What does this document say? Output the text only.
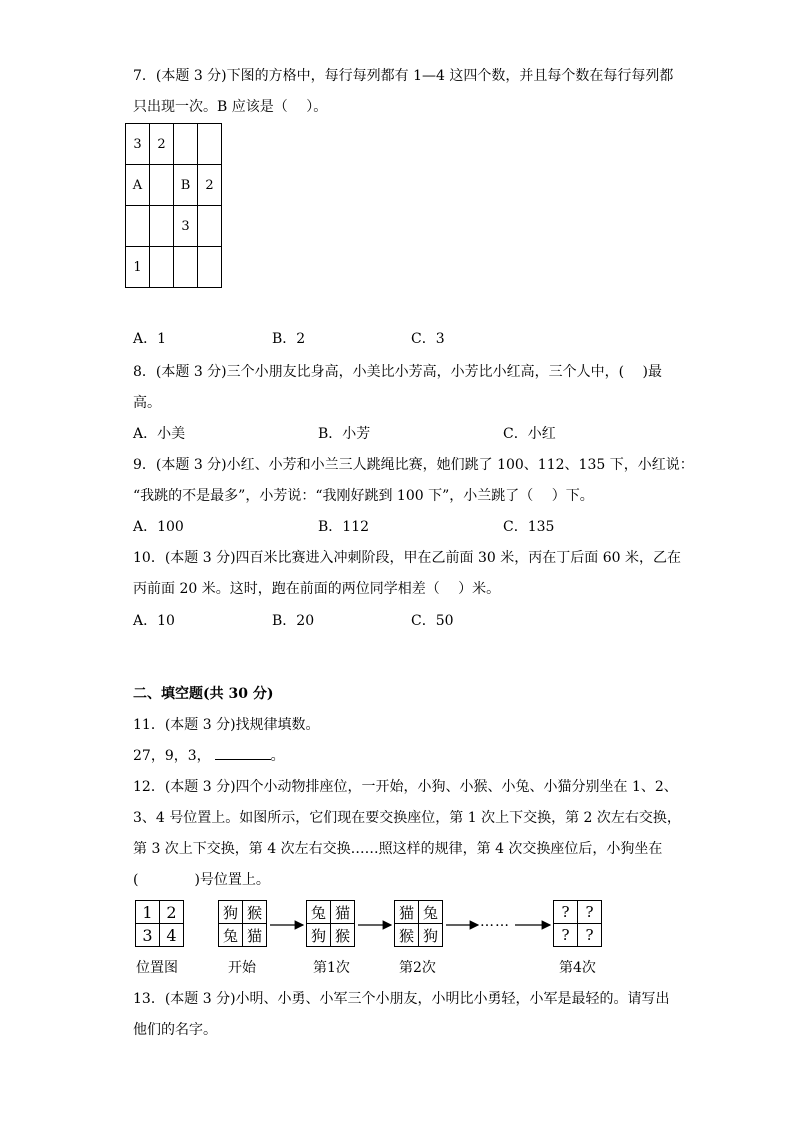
7．(本题 3 分)下图的方格中，每行每列都有 1—4 这四个数，并且每个数在每行每列都
只出现一次。B 应该是（　 ）。
3	2		
A		B	2
		3	
1			
A．1	B．2	C．3
8．(本题 3 分)三个小朋友比身高，小美比小芳高，小芳比小红高，三个人中，(　 )最
高。
A．小美	B．小芳	C．小红
9．(本题 3 分)小红、小芳和小兰三人跳绳比赛，她们跳了 100、112、135 下，小红说：
“我跳的不是最多”，小芳说：“我刚好跳到 100 下”，小兰跳了（　 ）下。
A．100	B．112	C．135
10．(本题 3 分)四百米比赛进入冲刺阶段，甲在乙前面 30 米，丙在丁后面 60 米，乙在
丙前面 20 米。这时，跑在前面的两位同学相差（　 ）米。
A．10	B．20	C．50
二、填空题(共 30 分)
11．(本题 3 分)找规律填数。
27，9，3，	。
12．(本题 3 分)四个小动物排座位，一开始，小狗、小猴、小兔、小猫分别坐在 1、2、
3、4 号位置上。如图所示，它们现在要交换座位，第 1 次上下交换，第 2 次左右交换，
第 3 次上下交换，第 4 次左右交换……照这样的规律，第 4 次交换座位后，小狗坐在
(　　　　)号位置上。
1	2
3	4
位置图
狗	猴
兔	猫
开始
兔	猫
狗	猴
第1次
猫	兔
猴	狗
第2次
……
?	?
?	?
第4次
13．(本题 3 分)小明、小勇、小军三个小朋友，小明比小勇轻，小军是最轻的。请写出
他们的名字。
